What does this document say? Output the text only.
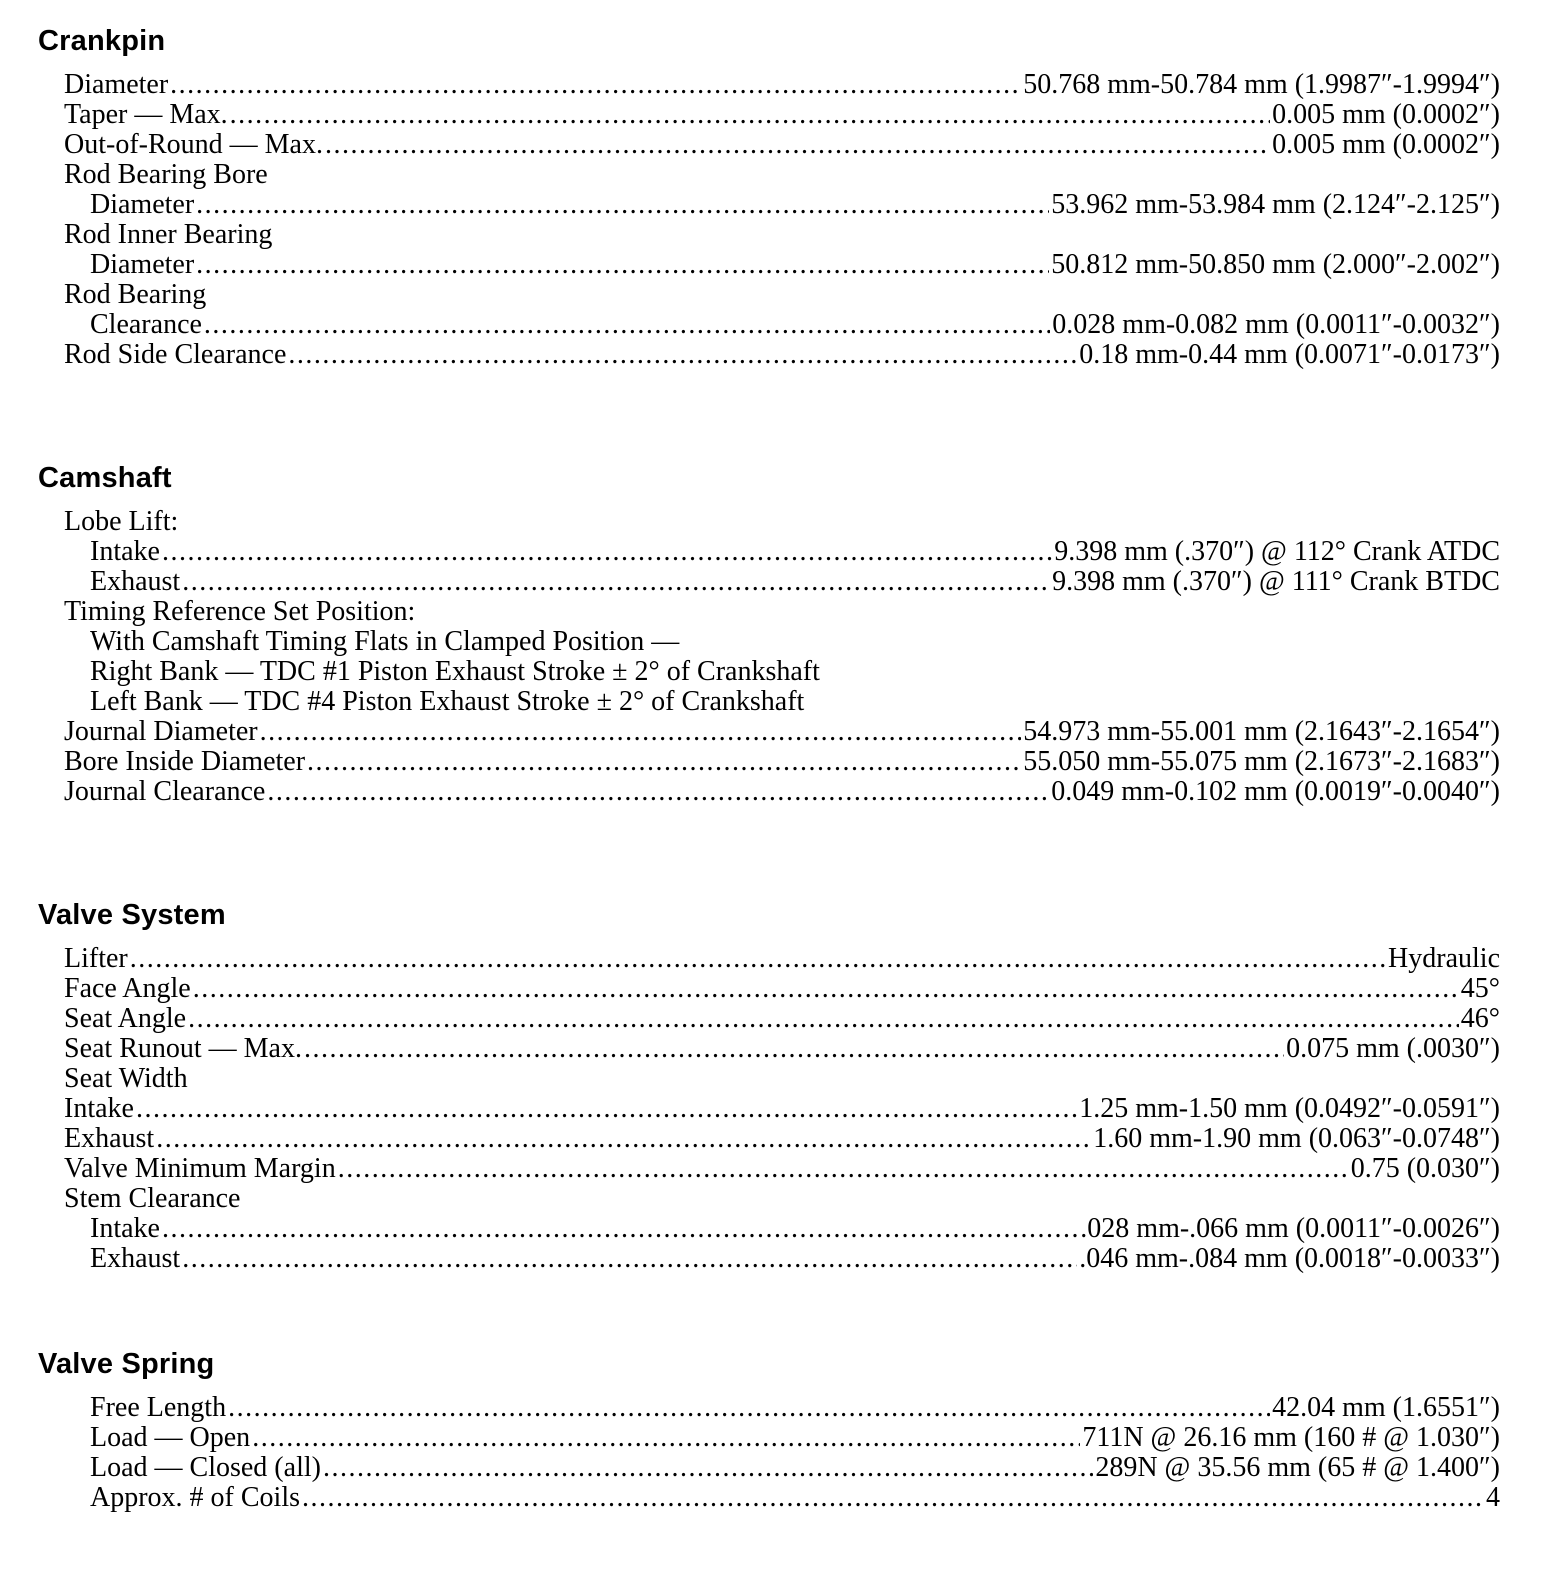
Crankpin
Diameter .....	50.768 mm-50.784 mm (1.9987″-1.9994″)
Taper — Max. .....	0.005 mm (0.0002″)
Out-of-Round — Max. .....	0.005 mm (0.0002″)
Rod Bearing Bore
Diameter .....	53.962 mm-53.984 mm (2.124″-2.125″)
Rod Inner Bearing
Diameter .....	50.812 mm-50.850 mm (2.000″-2.002″)
Rod Bearing
Clearance .....	0.028 mm-0.082 mm (0.0011″-0.0032″)
Rod Side Clearance .....	0.18 mm-0.44 mm (0.0071″-0.0173″)
Camshaft
Lobe Lift:
Intake .....	9.398 mm (.370″) @ 112° Crank ATDC
Exhaust .....	9.398 mm (.370″) @ 111° Crank BTDC
Timing Reference Set Position:
With Camshaft Timing Flats in Clamped Position —
Right Bank — TDC #1 Piston Exhaust Stroke ± 2° of Crankshaft
Left Bank — TDC #4 Piston Exhaust Stroke ± 2° of Crankshaft
Journal Diameter .....	54.973 mm-55.001 mm (2.1643″-2.1654″)
Bore Inside Diameter .....	55.050 mm-55.075 mm (2.1673″-2.1683″)
Journal Clearance .....	0.049 mm-0.102 mm (0.0019″-0.0040″)
Valve System
Lifter .....	Hydraulic
Face Angle .....	45°
Seat Angle .....	46°
Seat Runout — Max. .....	0.075 mm (.0030″)
Seat Width
Intake .....	1.25 mm-1.50 mm (0.0492″-0.0591″)
Exhaust .....	1.60 mm-1.90 mm (0.063″-0.0748″)
Valve Minimum Margin .....	0.75 (0.030″)
Stem Clearance
Intake .....	.028 mm-.066 mm (0.0011″-0.0026″)
Exhaust .....	.046 mm-.084 mm (0.0018″-0.0033″)
Valve Spring
Free Length .....	42.04 mm (1.6551″)
Load — Open .....	711N @ 26.16 mm (160 # @ 1.030″)
Load — Closed (all) .....	289N @ 35.56 mm (65 # @ 1.400″)
Approx. # of Coils .....	4
